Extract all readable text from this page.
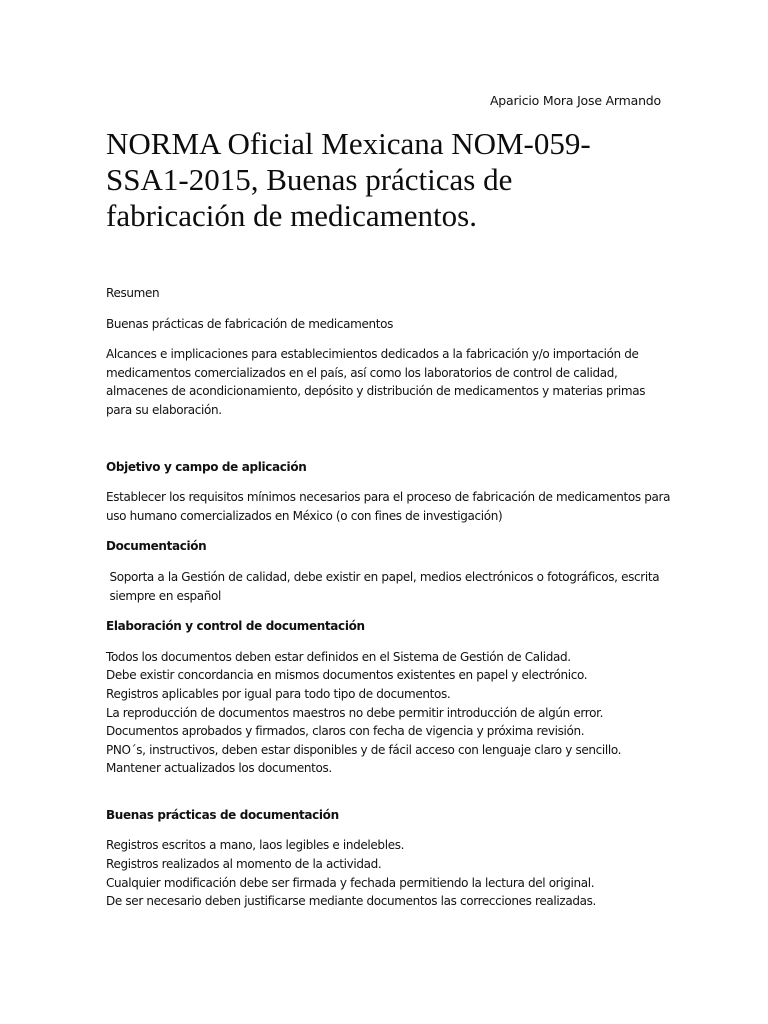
Aparicio Mora Jose Armando
NORMA Oficial Mexicana NOM-059-SSA1-2015, Buenas prácticas de fabricación de medicamentos.

Resumen

Buenas prácticas de fabricación de medicamentos

Alcances e implicaciones para establecimientos dedicados a la fabricación y/o importación de
medicamentos comercializados en el país, así como los laboratorios de control de calidad,
almacenes de acondicionamiento, depósito y distribución de medicamentos y materias primas
para su elaboración.

Objetivo y campo de aplicación

Establecer los requisitos mínimos necesarios para el proceso de fabricación de medicamentos para
uso humano comercializados en México (o con fines de investigación)

Documentación

Soporta a la Gestión de calidad, debe existir en papel, medios electrónicos o fotográficos, escrita
siempre en español

Elaboración y control de documentación

Todos los documentos deben estar definidos en el Sistema de Gestión de Calidad.
Debe existir concordancia en mismos documentos existentes en papel y electrónico.
Registros aplicables por igual para todo tipo de documentos.
La reproducción de documentos maestros no debe permitir introducción de algún error.
Documentos aprobados y firmados, claros con fecha de vigencia y próxima revisión.
PNO´s, instructivos, deben estar disponibles y de fácil acceso con lenguaje claro y sencillo.
Mantener actualizados los documentos.

Buenas prácticas de documentación

Registros escritos a mano, laos legibles e indelebles.
Registros realizados al momento de la actividad.
Cualquier modificación debe ser firmada y fechada permitiendo la lectura del original.
De ser necesario deben justificarse mediante documentos las correcciones realizadas.
